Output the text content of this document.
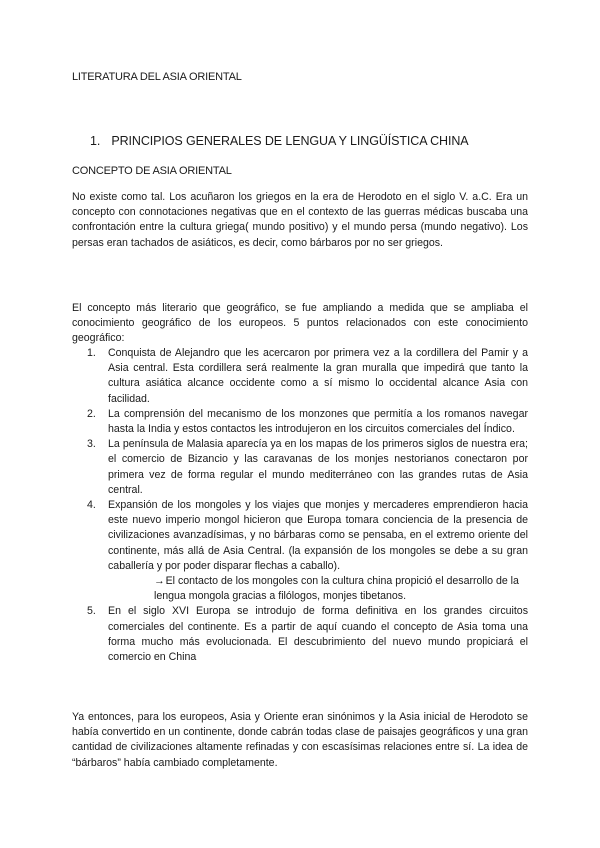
LITERATURA DEL ASIA ORIENTAL
1. PRINCIPIOS GENERALES DE LENGUA Y LINGÜÍSTICA CHINA
CONCEPTO DE ASIA ORIENTAL

No existe como tal. Los acuñaron los griegos en la era de Herodoto en el siglo V. a.C. Era un concepto con connotaciones negativas que en el contexto de las guerras médicas buscaba una confrontación entre la cultura griega( mundo positivo) y el mundo persa (mundo negativo). Los persas eran tachados de asiáticos, es decir, como bárbaros por no ser griegos.

El concepto más literario que geográfico, se fue ampliando a medida que se ampliaba el conocimiento geográfico de los europeos. 5 puntos relacionados con este conocimiento geográfico:

1. Conquista de Alejandro que les acercaron por primera vez a la cordillera del Pamir y a Asia central. Esta cordillera será realmente la gran muralla que impedirá que tanto la cultura asiática alcance occidente como a sí mismo lo occidental alcance Asia con facilidad.
2. La comprensión del mecanismo de los monzones que permitía a los romanos navegar hasta la India y estos contactos les introdujeron en los circuitos comerciales del Índico.
3. La península de Malasia aparecía ya en los mapas de los primeros siglos de nuestra era; el comercio de Bizancio y las caravanas de los monjes nestorianos conectaron por primera vez de forma regular el mundo mediterráneo con las grandes rutas de Asia central.
4. Expansión de los mongoles y los viajes que monjes y mercaderes emprendieron hacia este nuevo imperio mongol hicieron que Europa tomara conciencia de la presencia de civilizaciones avanzadísimas, y no bárbaras como se pensaba, en el extremo oriente del continente, más allá de Asia Central. (la expansión de los mongoles se debe a su gran caballería y por poder disparar flechas a caballo).
→El contacto de los mongoles con la cultura china propició el desarrollo de la lengua mongola gracias a filólogos, monjes tibetanos.
5. En el siglo XVI Europa se introdujo de forma definitiva en los grandes circuitos comerciales del continente. Es a partir de aquí cuando el concepto de Asia toma una forma mucho más evolucionada. El descubrimiento del nuevo mundo propiciará el comercio en China

Ya entonces, para los europeos, Asia y Oriente eran sinónimos y la Asia inicial de Herodoto se había convertido en un continente, donde cabrán todas clase de paisajes geográficos y una gran cantidad de civilizaciones altamente refinadas y con escasísimas relaciones entre sí. La idea de “bárbaros” había cambiado completamente.
